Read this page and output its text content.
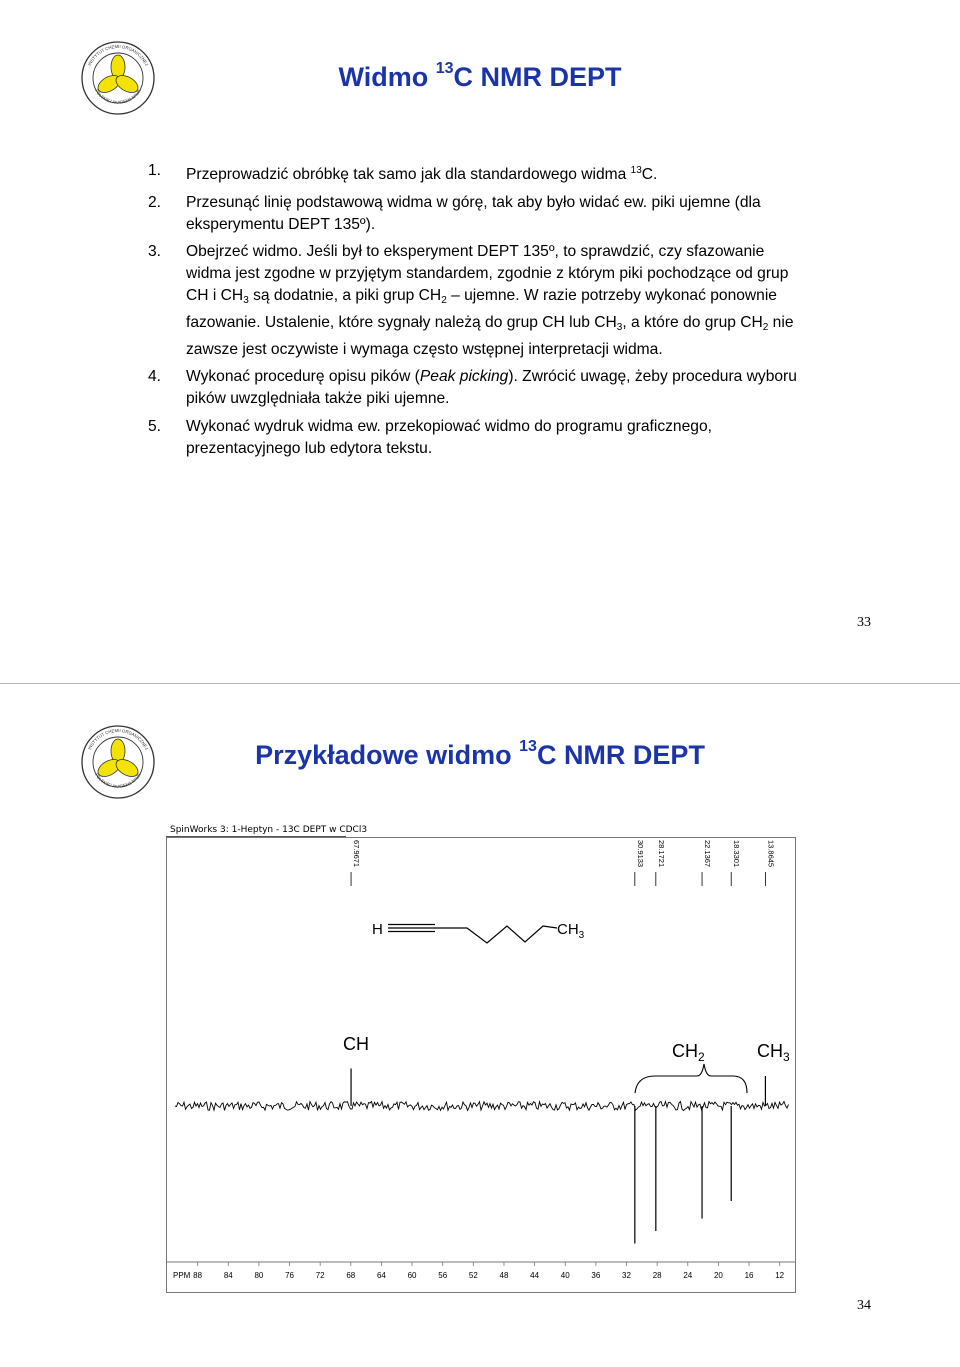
INSTYTUT CHEMII ORGANICZNEJ
POLSKIEJ AKADEMII NAUK	Widmo $^{13}$C NMR DEPT
1.	Przeprowadzić obróbkę tak samo jak dla standardowego widma $^{13}$C.
2.	Przesunąć linię podstawową widma w górę, tak aby było widać ew. piki ujemne (dla eksperymentu DEPT 135º).
3.	Obejrzeć widmo. Jeśli był to eksperyment DEPT 135º, to sprawdzić, czy sfazowanie widma jest zgodne w przyjętym standardem, zgodnie z którym piki pochodzące od grup CH i $CH_3$ są dodatnie, a piki grup $CH_2$ – ujemne. W razie potrzeby wykonać ponownie fazowanie. Ustalenie, które sygnały należą do grup CH lub $CH_3$, a które do grup $CH_2$ nie zawsze jest oczywiste i wymaga często wstępnej interpretacji widma.
4.	Wykonać procedurę opisu pików (Peak picking). Zwrócić uwagę, żeby procedura wyboru pików uwzględniała także piki ujemne.
5.	Wykonać wydruk widma ew. przekopiować widmo do programu graficznego, prezentacyjnego lub edytora tekstu.
33
INSTYTUT CHEMII ORGANICZNEJ
POLSKIEJ AKADEMII NAUK
Przykładowe widmo $^{13}$C NMR DEPT
SpinWorks 3: 1-Heptyn - 13C DEPT w CDCl3
67.9671	30.9133 28.1721	22.1367	18.3301	13.8645
H	$CH_3$
CH	$CH_2$	$CH_3$
PPM 88	84	80	76	72	68	64	60	56	52	48	44	40	36	32	28	24	20	16	12
34
